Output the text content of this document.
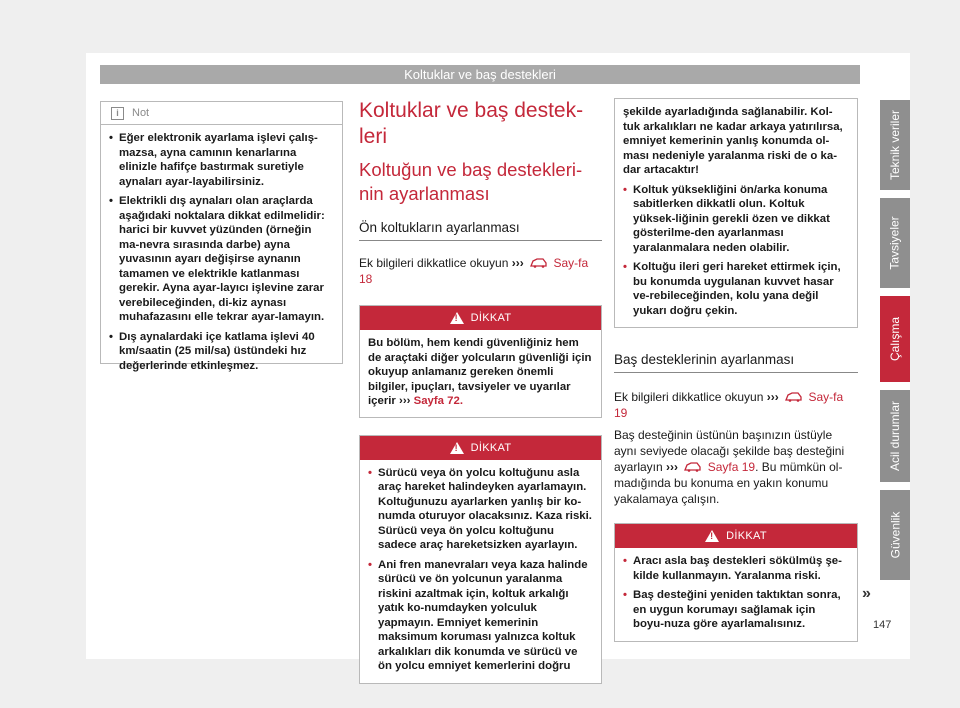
Koltuklar ve baş destekleri
Teknik veriler
Tavsiyeler
Çalışma
Acil durumlar
Güvenlik
i	Not
• Eğer elektronik ayarlama işlevi çalış-mazsa, ayna camının kenarlarına elinizle hafifçe bastırmak suretiyle aynaları ayar-layabilirsiniz.
• Elektrikli dış aynaları olan araçlarda aşağıdaki noktalara dikkat edilmelidir: harici bir kuvvet yüzünden (örneğin ma-nevra sırasında darbe) ayna yuvasının ayarı değişirse aynanın tamamen ve elektrikle katlanması gerekir. Ayna ayar-layıcı işlevine zarar verebileceğinden, di-kiz aynası muhafazasını elle tekrar ayar-lamayın.
• Dış aynalardaki içe katlama işlevi 40 km/saatin (25 mil/sa) üstündeki hız değerlerinde etkinleşmez.
Koltuklar ve baş destek-leri
Koltuğun ve baş destekleri-nin ayarlanması
Ön koltukların ayarlanması
Ek bilgileri dikkatlice okuyun ››› Say-fa 18
!
DİKKAT
Bu bölüm, hem kendi güvenliğiniz hem de araçtaki diğer yolcuların güvenliği için okuyup anlamanız gereken önemli bilgiler, ipuçları, tavsiyeler ve uyarılar içerir ››› Sayfa 72.
!
DİKKAT
• Sürücü veya ön yolcu koltuğunu asla araç hareket halindeyken ayarlamayın. Koltuğunuzu ayarlarken yanlış bir ko-numda oturuyor olacaksınız. Kaza riski. Sürücü veya ön yolcu koltuğunu sadece araç hareketsizken ayarlayın.
• Ani fren manevraları veya kaza halinde sürücü ve ön yolcunun yaralanma riskini azaltmak için, koltuk arkalığı yatık ko-numdayken yolculuk yapmayın. Emniyet kemerinin maksimum koruması yalnızca koltuk arkalıkları dik konumda ve sürücü ve ön yolcu emniyet kemerlerini doğru
şekilde ayarladığında sağlanabilir. Kol-tuk arkalıkları ne kadar arkaya yatırılırsa, emniyet kemerinin yanlış konumda ol-ması nedeniyle yaralanma riski de o ka-dar artacaktır!
• Koltuk yüksekliğini ön/arka konuma sabitlerken dikkatli olun. Koltuk yüksek-liğinin gerekli özen ve dikkat gösterilme-den ayarlanması yaralanmalara neden olabilir.
• Koltuğu ileri geri hareket ettirmek için, bu konumda uygulanan kuvvet hasar ve-rebileceğinden, kolu yana değil yukarı doğru çekin.
Baş desteklerinin ayarlanması
Ek bilgileri dikkatlice okuyun ››› Say-fa 19
Baş desteğinin üstünün başınızın üstüyle aynı seviyede olacağı şekilde baş desteğini ayarlayın ››› Sayfa 19. Bu mümkün ol-madığında bu konuma en yakın konumu yakalamaya çalışın.
!
DİKKAT
• Aracı asla baş destekleri sökülmüş şe-kilde kullanmayın. Yaralanma riski.
• Baş desteğini yeniden taktıktan sonra, en uygun korumayı sağlamak için boyu-nuza göre ayarlamalısınız.
»
147
